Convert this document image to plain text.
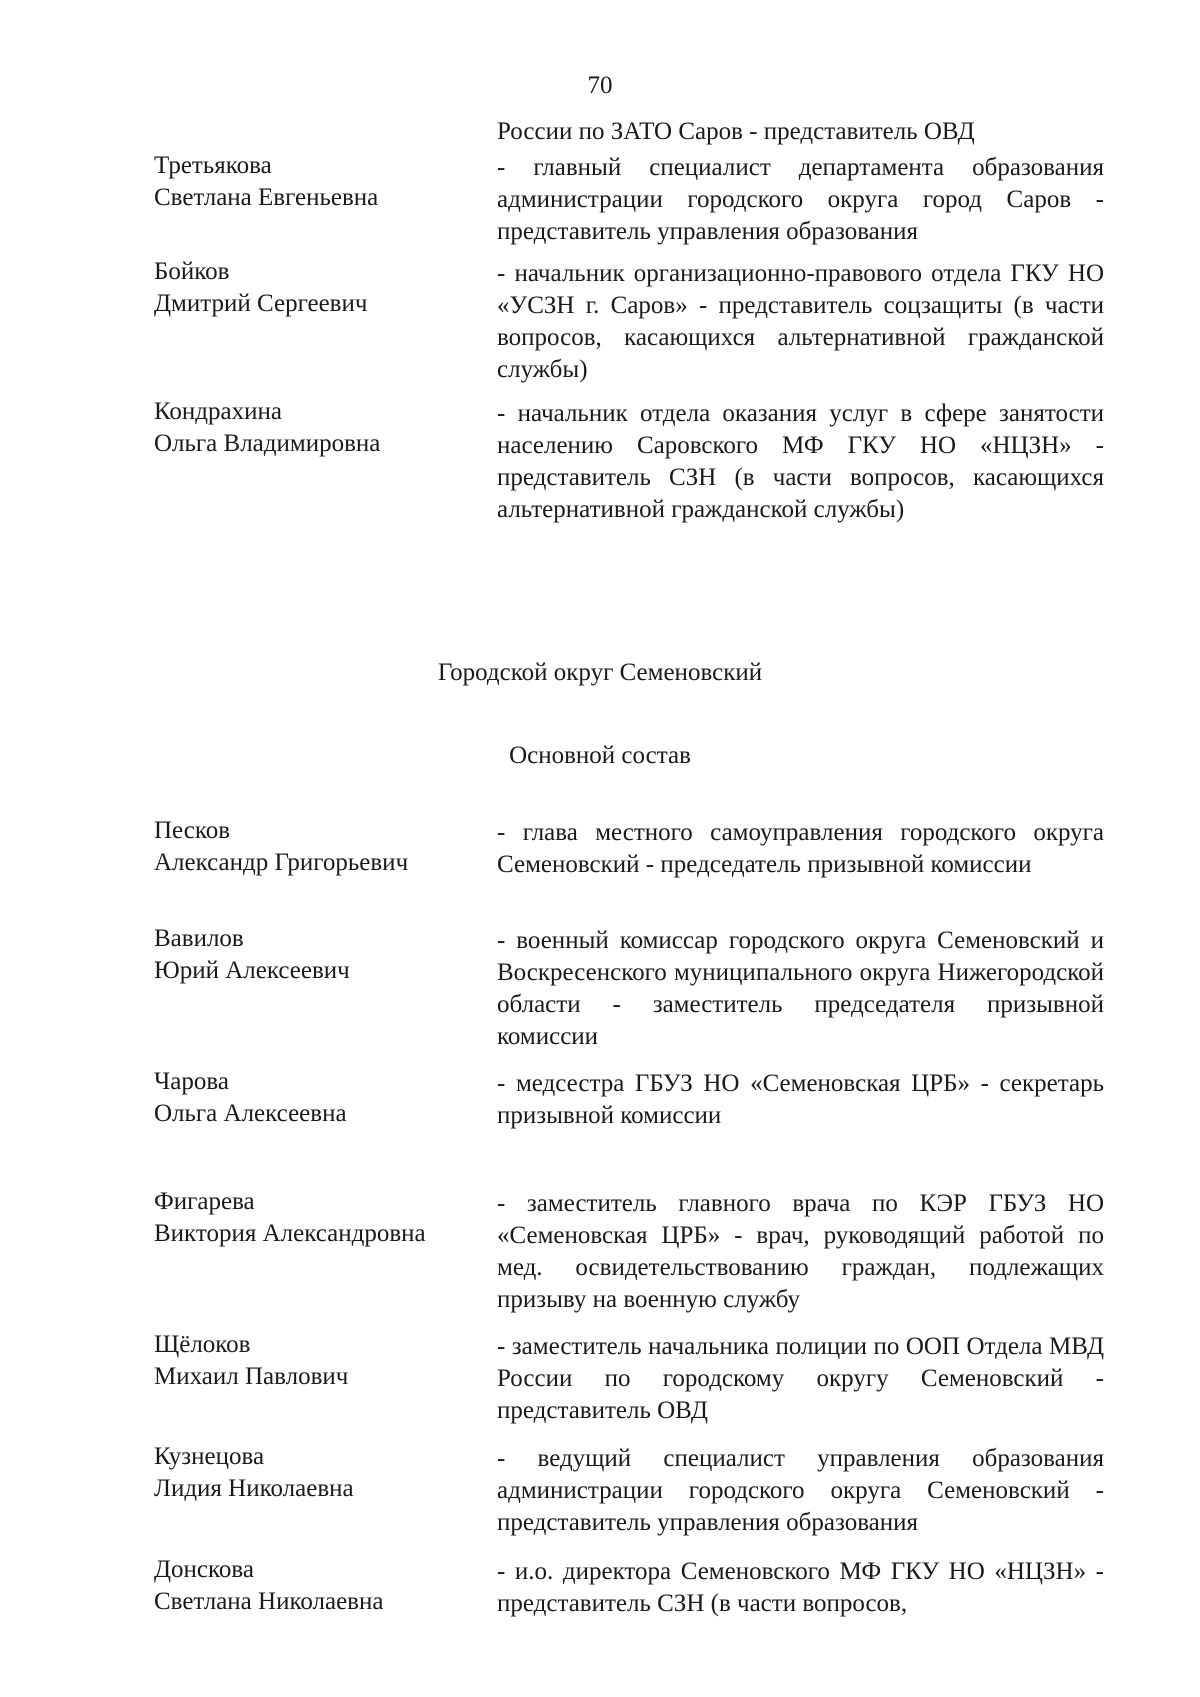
70
России по ЗАТО Саров - представитель ОВД
Третьякова
Светлана Евгеньевна
- главный специалист департамента образования администрации городского округа город Саров - представитель управления образования
Бойков
Дмитрий Сергеевич
- начальник организационно-правового отдела ГКУ НО «УСЗН г. Саров» - представитель соцзащиты (в части вопросов, касающихся альтернативной гражданской службы)
Кондрахина
Ольга Владимировна
- начальник отдела оказания услуг в сфере занятости населению Саровского МФ ГКУ НО «НЦЗН» - представитель СЗН (в части вопросов, касающихся альтернативной гражданской службы)
Городской округ Семеновский
Основной состав
Песков
Александр Григорьевич
- глава местного самоуправления городского округа Семеновский - председатель призывной комиссии
Вавилов
Юрий Алексеевич
- военный комиссар городского округа Семеновский и Воскресенского муниципального округа Нижегородской области - заместитель председателя призывной комиссии
Чарова
Ольга Алексеевна
- медсестра ГБУЗ НО «Семеновская ЦРБ» - секретарь призывной комиссии
Фигарева
Виктория Александровна
- заместитель главного врача по КЭР ГБУЗ НО «Семеновская ЦРБ» - врач, руководящий работой по мед. освидетельствованию граждан, подлежащих призыву на военную службу
Щёлоков
Михаил Павлович
- заместитель начальника полиции по ООП Отдела МВД России по городскому округу Семеновский - представитель ОВД
Кузнецова
Лидия Николаевна
- ведущий специалист управления образования администрации городского округа Семеновский - представитель управления образования
Донскова
Светлана Николаевна
- и.о. директора Семеновского МФ ГКУ НО «НЦЗН» - представитель СЗН (в части вопросов,
